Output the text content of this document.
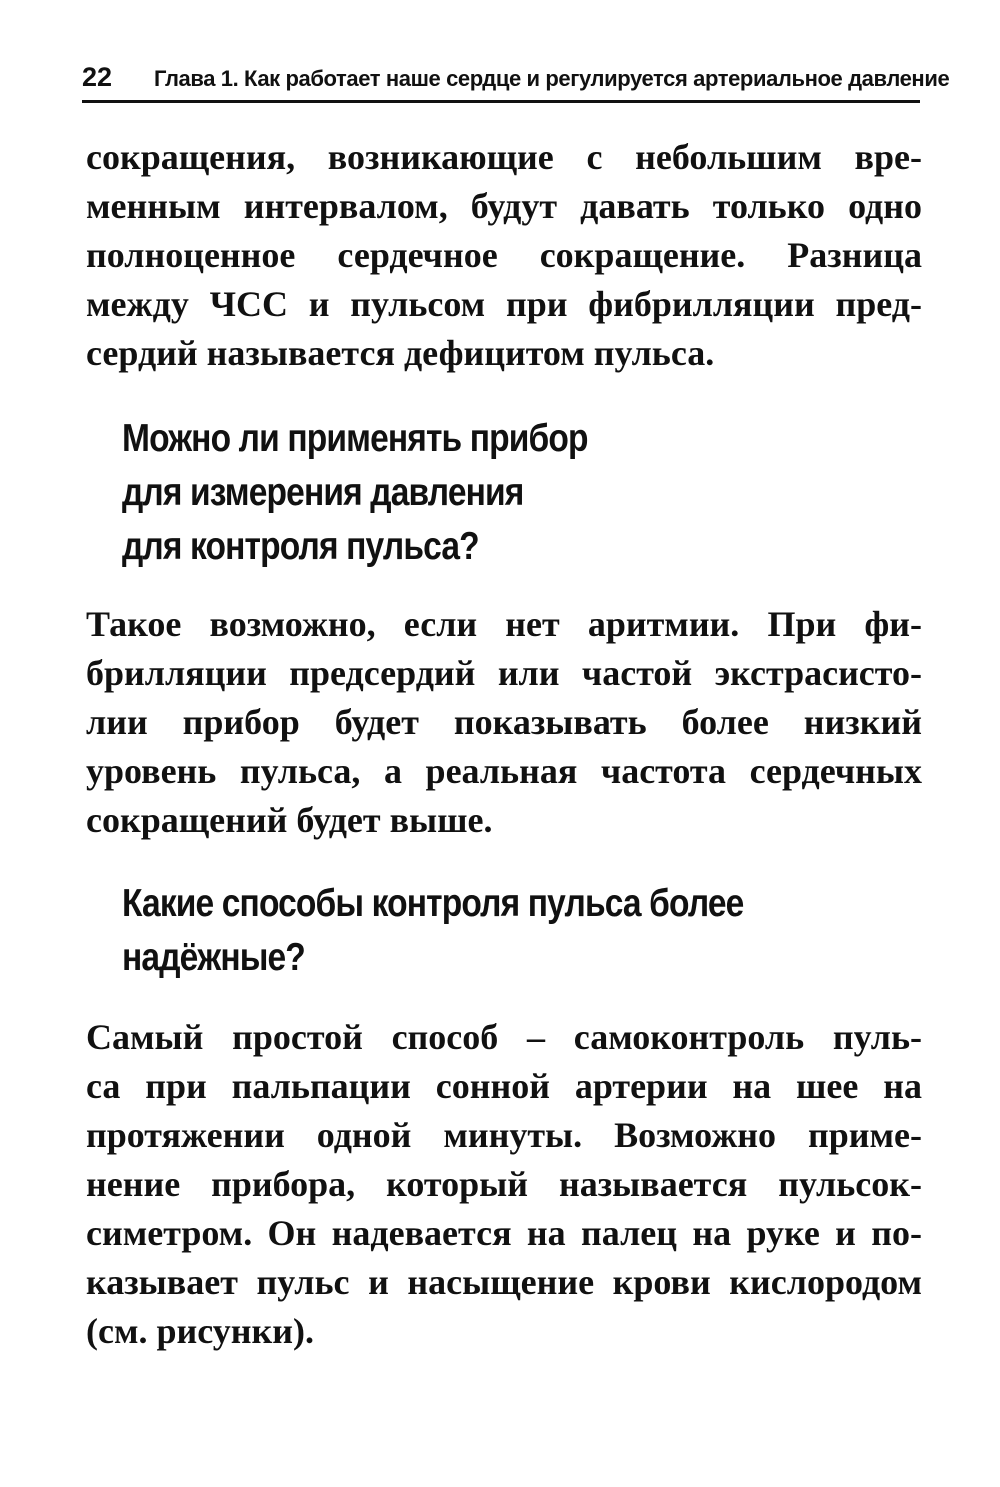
22 Глава 1. Как работает наше сердце и регулируется артериальное давление

сокращения, возникающие с небольшим вре-
менным интервалом, будут давать только одно
полноценное сердечное сокращение. Разница
между ЧСС и пульсом при фибрилляции пред-
сердий называется дефицитом пульса.

Можно ли применять прибор
для измерения давления
для контроля пульса?

Такое возможно, если нет аритмии. При фи-
брилляции предсердий или частой экстрасисто-
лии прибор будет показывать более низкий
уровень пульса, а реальная частота сердечных
сокращений будет выше.

Какие способы контроля пульса более
надёжные?

Самый простой способ – самоконтроль пуль-
са при пальпации сонной артерии на шее на
протяжении одной минуты. Возможно приме-
нение прибора, который называется пульсок-
симетром. Он надевается на палец на руке и по-
казывает пульс и насыщение крови кислородом
(см. рисунки).
